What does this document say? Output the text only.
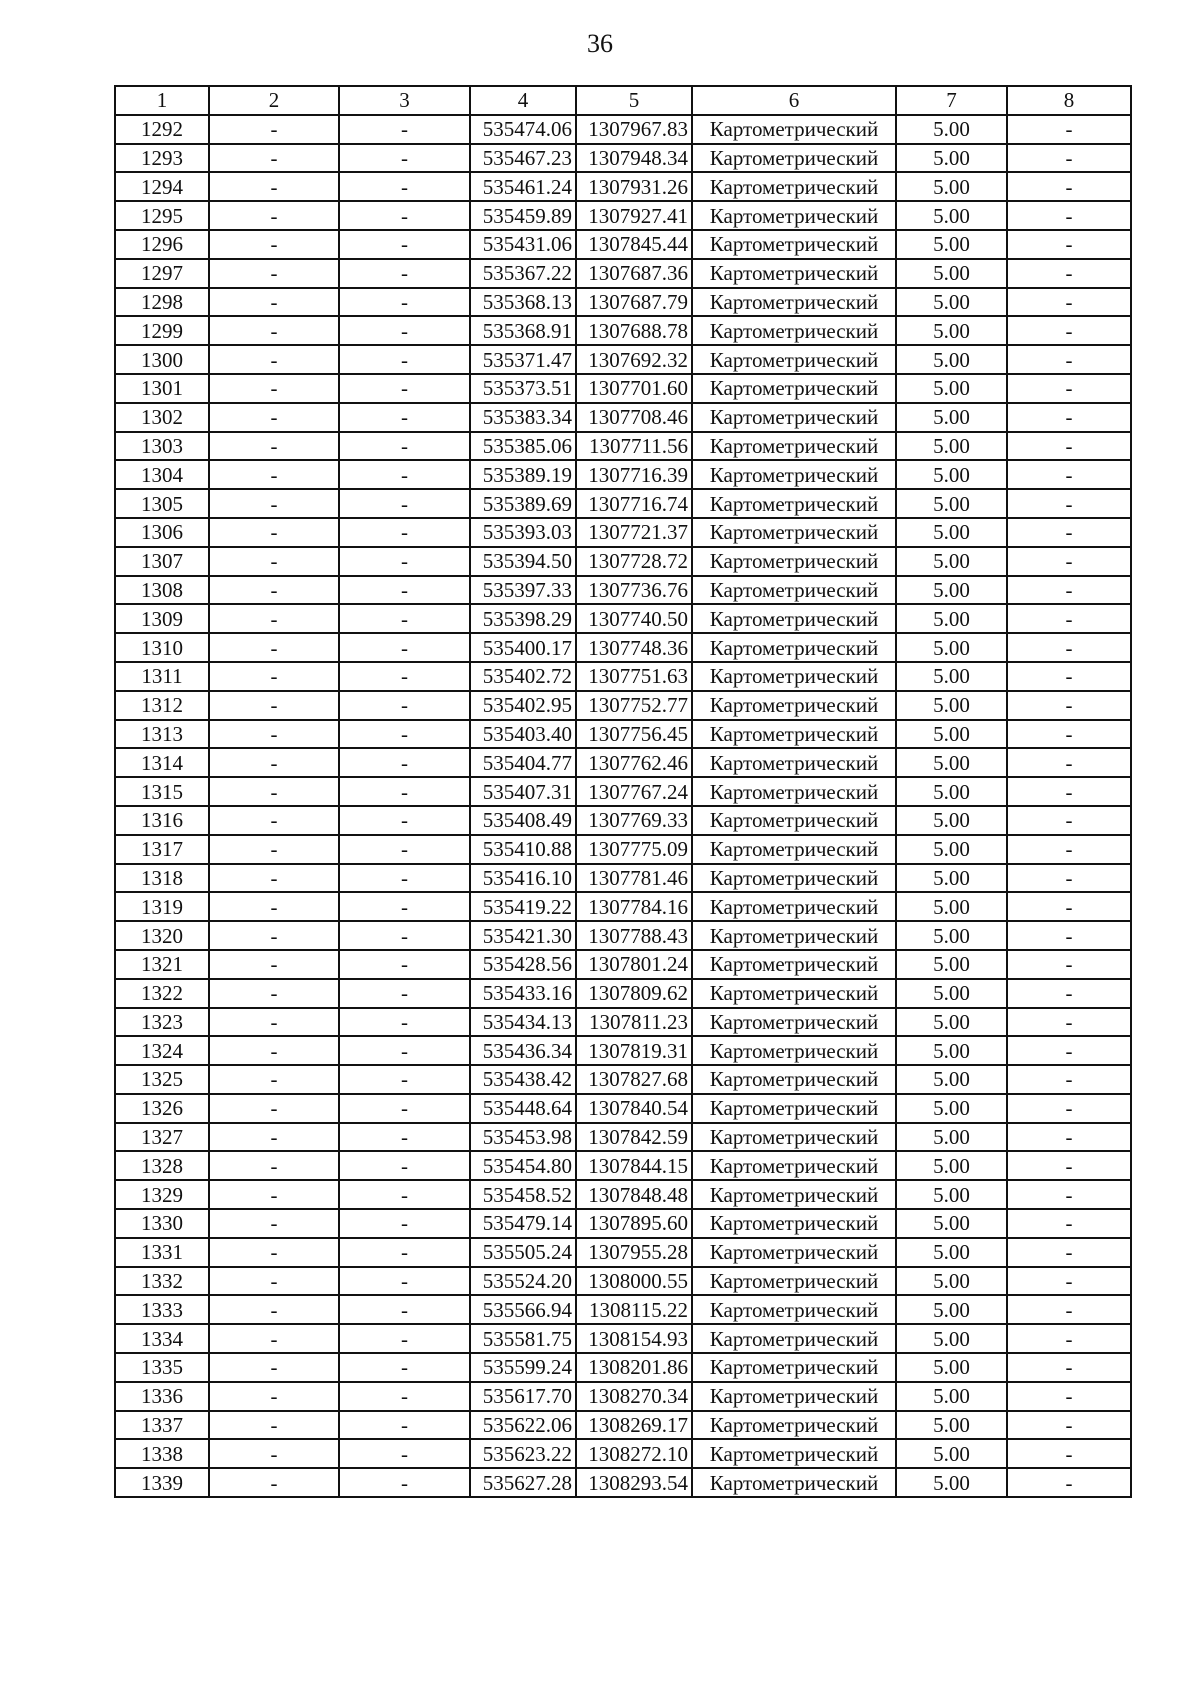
36
1	2	3	4	5	6	7	8
1292	-	-	535474.06	1307967.83	Картометрический	5.00	-
1293	-	-	535467.23	1307948.34	Картометрический	5.00	-
1294	-	-	535461.24	1307931.26	Картометрический	5.00	-
1295	-	-	535459.89	1307927.41	Картометрический	5.00	-
1296	-	-	535431.06	1307845.44	Картометрический	5.00	-
1297	-	-	535367.22	1307687.36	Картометрический	5.00	-
1298	-	-	535368.13	1307687.79	Картометрический	5.00	-
1299	-	-	535368.91	1307688.78	Картометрический	5.00	-
1300	-	-	535371.47	1307692.32	Картометрический	5.00	-
1301	-	-	535373.51	1307701.60	Картометрический	5.00	-
1302	-	-	535383.34	1307708.46	Картометрический	5.00	-
1303	-	-	535385.06	1307711.56	Картометрический	5.00	-
1304	-	-	535389.19	1307716.39	Картометрический	5.00	-
1305	-	-	535389.69	1307716.74	Картометрический	5.00	-
1306	-	-	535393.03	1307721.37	Картометрический	5.00	-
1307	-	-	535394.50	1307728.72	Картометрический	5.00	-
1308	-	-	535397.33	1307736.76	Картометрический	5.00	-
1309	-	-	535398.29	1307740.50	Картометрический	5.00	-
1310	-	-	535400.17	1307748.36	Картометрический	5.00	-
1311	-	-	535402.72	1307751.63	Картометрический	5.00	-
1312	-	-	535402.95	1307752.77	Картометрический	5.00	-
1313	-	-	535403.40	1307756.45	Картометрический	5.00	-
1314	-	-	535404.77	1307762.46	Картометрический	5.00	-
1315	-	-	535407.31	1307767.24	Картометрический	5.00	-
1316	-	-	535408.49	1307769.33	Картометрический	5.00	-
1317	-	-	535410.88	1307775.09	Картометрический	5.00	-
1318	-	-	535416.10	1307781.46	Картометрический	5.00	-
1319	-	-	535419.22	1307784.16	Картометрический	5.00	-
1320	-	-	535421.30	1307788.43	Картометрический	5.00	-
1321	-	-	535428.56	1307801.24	Картометрический	5.00	-
1322	-	-	535433.16	1307809.62	Картометрический	5.00	-
1323	-	-	535434.13	1307811.23	Картометрический	5.00	-
1324	-	-	535436.34	1307819.31	Картометрический	5.00	-
1325	-	-	535438.42	1307827.68	Картометрический	5.00	-
1326	-	-	535448.64	1307840.54	Картометрический	5.00	-
1327	-	-	535453.98	1307842.59	Картометрический	5.00	-
1328	-	-	535454.80	1307844.15	Картометрический	5.00	-
1329	-	-	535458.52	1307848.48	Картометрический	5.00	-
1330	-	-	535479.14	1307895.60	Картометрический	5.00	-
1331	-	-	535505.24	1307955.28	Картометрический	5.00	-
1332	-	-	535524.20	1308000.55	Картометрический	5.00	-
1333	-	-	535566.94	1308115.22	Картометрический	5.00	-
1334	-	-	535581.75	1308154.93	Картометрический	5.00	-
1335	-	-	535599.24	1308201.86	Картометрический	5.00	-
1336	-	-	535617.70	1308270.34	Картометрический	5.00	-
1337	-	-	535622.06	1308269.17	Картометрический	5.00	-
1338	-	-	535623.22	1308272.10	Картометрический	5.00	-
1339	-	-	535627.28	1308293.54	Картометрический	5.00	-
